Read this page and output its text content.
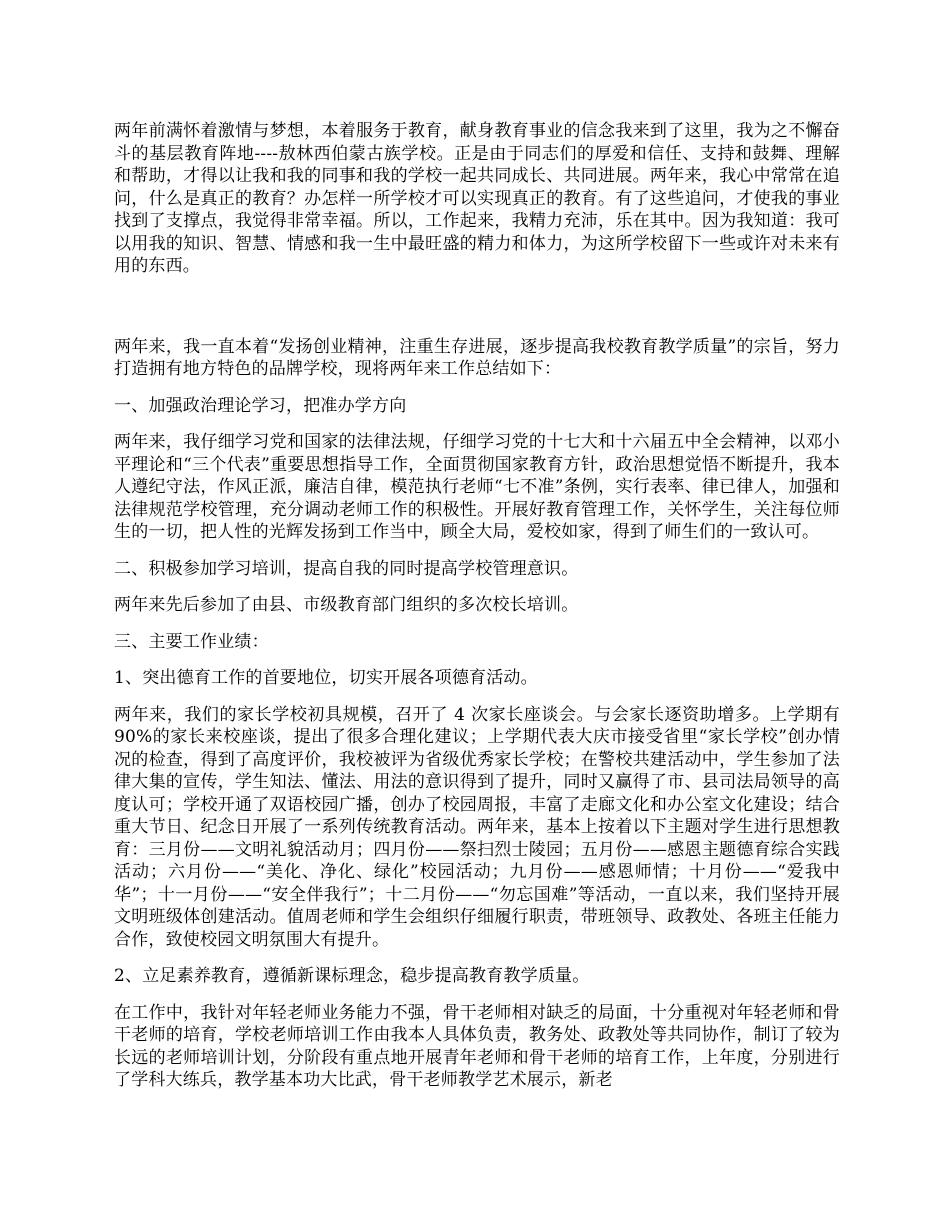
两年前满怀着激情与梦想，本着服务于教育，献身教育事业的信念我来到了这里，我为之不懈奋斗的基层教育阵地----敖林西伯蒙古族学校。正是由于同志们的厚爱和信任、支持和鼓舞、理解和帮助，才得以让我和我的同事和我的学校一起共同成长、共同进展。两年来，我心中常常在追问，什么是真正的教育？办怎样一所学校才可以实现真正的教育。有了这些追问，才使我的事业找到了支撑点，我觉得非常幸福。所以，工作起来，我精力充沛，乐在其中。因为我知道：我可以用我的知识、智慧、情感和我一生中最旺盛的精力和体力，为这所学校留下一些或许对未来有用的东西。

两年来，我一直本着“发扬创业精神，注重生存进展，逐步提高我校教育教学质量”的宗旨，努力打造拥有地方特色的品牌学校，现将两年来工作总结如下：

一、加强政治理论学习，把准办学方向

两年来，我仔细学习党和国家的法律法规，仔细学习党的十七大和十六届五中全会精神，以邓小平理论和“三个代表”重要思想指导工作，全面贯彻国家教育方针，政治思想觉悟不断提升，我本人遵纪守法，作风正派，廉洁自律，模范执行老师“七不准”条例，实行表率、律已律人，加强和法律规范学校管理，充分调动老师工作的积极性。开展好教育管理工作，关怀学生，关注每位师生的一切，把人性的光辉发扬到工作当中，顾全大局，爱校如家，得到了师生们的一致认可。

二、积极参加学习培训，提高自我的同时提高学校管理意识。

两年来先后参加了由县、市级教育部门组织的多次校长培训。

三、主要工作业绩：

1、突出德育工作的首要地位，切实开展各项德育活动。

两年来，我们的家长学校初具规模，召开了 4 次家长座谈会。与会家长逐资助增多。上学期有 90%的家长来校座谈，提出了很多合理化建议；上学期代表大庆市接受省里“家长学校”创办情况的检查，得到了高度评价，我校被评为省级优秀家长学校；在警校共建活动中，学生参加了法律大集的宣传，学生知法、懂法、用法的意识得到了提升，同时又赢得了市、县司法局领导的高度认可；学校开通了双语校园广播，创办了校园周报，丰富了走廊文化和办公室文化建设；结合重大节日、纪念日开展了一系列传统教育活动。两年来，基本上按着以下主题对学生进行思想教育：三月份——文明礼貌活动月；四月份——祭扫烈士陵园；五月份——感恩主题德育综合实践活动；六月份——“美化、净化、绿化”校园活动；九月份——感恩师情；十月份——“爱我中华”；十一月份——“安全伴我行”；十二月份——“勿忘国难”等活动，一直以来，我们坚持开展文明班级体创建活动。值周老师和学生会组织仔细履行职责，带班领导、政教处、各班主任能力合作，致使校园文明氛围大有提升。

2、立足素养教育，遵循新课标理念，稳步提高教育教学质量。

在工作中，我针对年轻老师业务能力不强，骨干老师相对缺乏的局面，十分重视对年轻老师和骨干老师的培育，学校老师培训工作由我本人具体负责，教务处、政教处等共同协作，制订了较为长远的老师培训计划，分阶段有重点地开展青年老师和骨干老师的培育工作，上年度，分别进行了学科大练兵，教学基本功大比武，骨干老师教学艺术展示，新老
